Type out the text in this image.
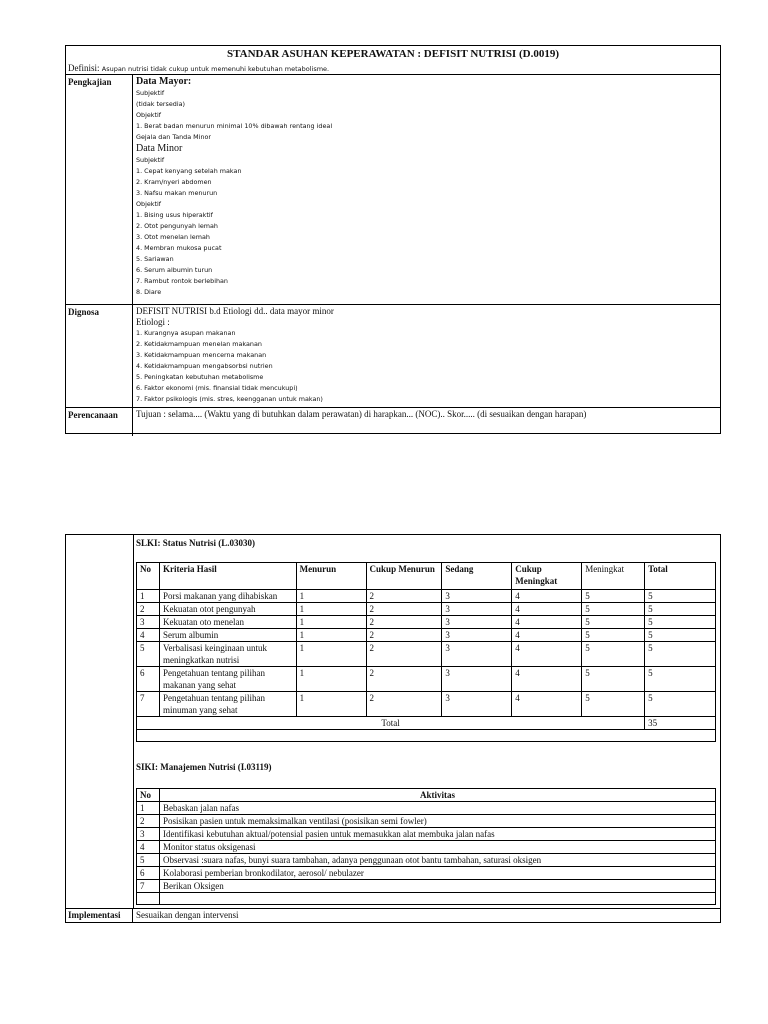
STANDAR ASUHAN KEPERAWATAN : DEFISIT NUTRISI (D.0019)
Definisi: Asupan nutrisi tidak cukup untuk memenuhi kebutuhan metabolisme.
Pengkajian	Data Mayor:
Subjektif
(tidak tersedia)
Objektif
1. Berat badan menurun minimal 10% dibawah rentang ideal
Gejala dan Tanda Minor
Data Minor
Subjektif
1. Cepat kenyang setelah makan
2. Kram/nyeri abdomen
3. Nafsu makan menurun
Objektif
1. Bising usus hiperaktif
2. Otot pengunyah lemah
3. Otot menelan lemah
4. Membran mukosa pucat
5. Sariawan
6. Serum albumin turun
7. Rambut rontok berlebihan
8. Diare
Dignosa	DEFISIT NUTRISI b.d Etiologi dd.. data mayor minor
Etiologi :
1. Kurangnya asupan makanan
2. Ketidakmampuan menelan makanan
3. Ketidakmampuan mencerna makanan
4. Ketidakmampuan mengabsorbsi nutrien
5. Peningkatan kebutuhan metabolisme
6. Faktor ekonomi (mis. finansial tidak mencukupi)
7. Faktor psikologis (mis. stres, keengganan untuk makan)
Perencanaan	Tujuan : selama.... (Waktu yang di butuhkan dalam perawatan) di harapkan... (NOC).. Skor..... (di sesuaikan dengan harapan)
SLKI: Status Nutrisi (L.03030)
No	Kriteria Hasil	Menurun	Cukup Menurun	Sedang	Cukup Meningkat	Meningkat	Total
1	Porsi makanan yang dihabiskan	1	2	3	4	5	5
2	Kekuatan otot pengunyah	1	2	3	4	5	5
3	Kekuatan oto menelan	1	2	3	4	5	5
4	Serum albumin	1	2	3	4	5	5
5	Verbalisasi keinginaan untuk meningkatkan nutrisi	1	2	3	4	5	5
6	Pengetahuan tentang pilihan makanan yang sehat	1	2	3	4	5	5
7	Pengetahuan tentang pilihan minuman yang sehat	1	2	3	4	5	5
Total							35

SIKI: Manajemen Nutrisi (I.03119)
No	Aktivitas
1	Bebaskan jalan nafas
2	Posisikan pasien untuk memaksimalkan ventilasi (posisikan semi fowler)
3	Identifikasi kebutuhan aktual/potensial pasien untuk memasukkan alat membuka jalan nafas
4	Monitor status oksigenasi
5	Observasi :suara nafas, bunyi suara tambahan, adanya penggunaan otot bantu tambahan, saturasi oksigen
6	Kolaborasi pemberian bronkodilator, aerosol/ nebulazer
7	Berikan Oksigen

Implementasi	Sesuaikan dengan intervensi
